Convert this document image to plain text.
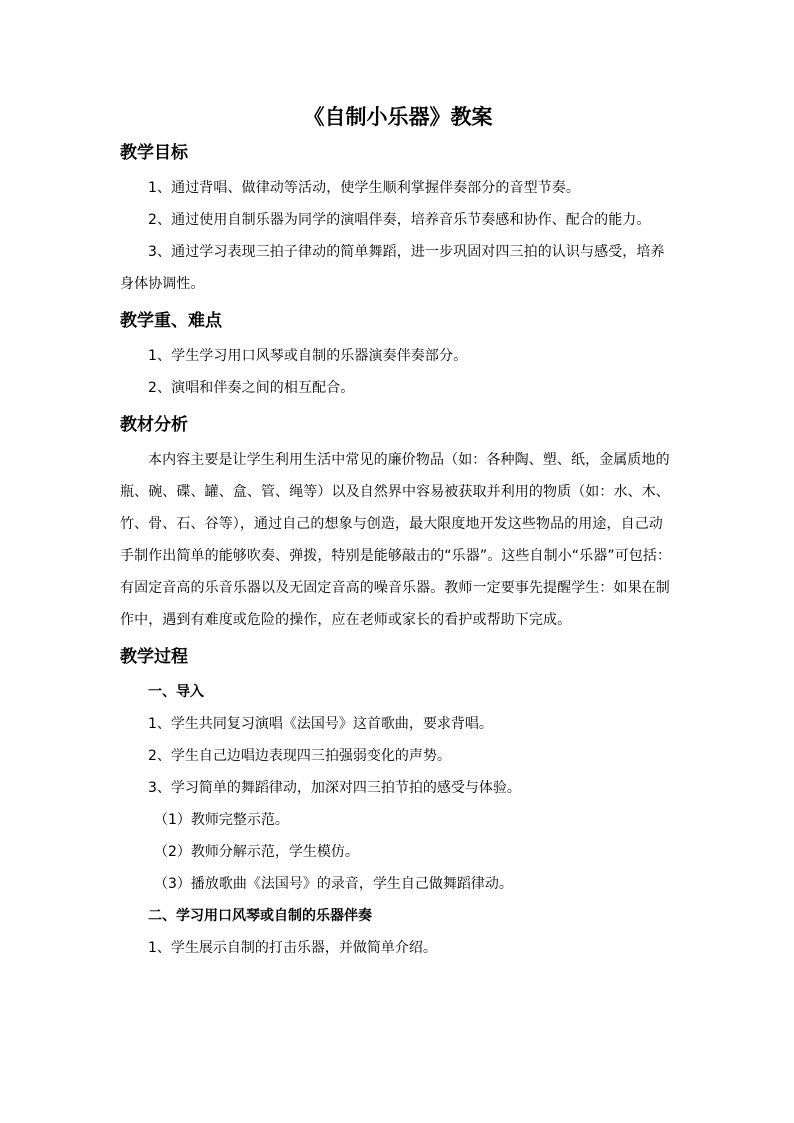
《自制小乐器》教案
教学目标

1、通过背唱、做律动等活动，使学生顺利掌握伴奏部分的音型节奏。

2、通过使用自制乐器为同学的演唱伴奏，培养音乐节奏感和协作、配合的能力。

3、通过学习表现三拍子律动的简单舞蹈，进一步巩固对四三拍的认识与感受，培养身体协调性。

教学重、难点

1、学生学习用口风琴或自制的乐器演奏伴奏部分。

2、演唱和伴奏之间的相互配合。

教材分析

本内容主要是让学生利用生活中常见的廉价物品（如：各种陶、塑、纸，金属质地的瓶、碗、碟、罐、盒、管、绳等）以及自然界中容易被获取并利用的物质（如：水、木、竹、骨、石、谷等），通过自己的想象与创造，最大限度地开发这些物品的用途，自己动手制作出简单的能够吹奏、弹拨，特别是能够敲击的“乐器”。这些自制小“乐器”可包括：有固定音高的乐音乐器以及无固定音高的噪音乐器。教师一定要事先提醒学生：如果在制作中，遇到有难度或危险的操作，应在老师或家长的看护或帮助下完成。

教学过程
一、导入

1、学生共同复习演唱《法国号》这首歌曲，要求背唱。

2、学生自己边唱边表现四三拍强弱变化的声势。

3、学习简单的舞蹈律动，加深对四三拍节拍的感受与体验。

（1）教师完整示范。

（2）教师分解示范，学生模仿。

（3）播放歌曲《法国号》的录音，学生自己做舞蹈律动。

二、学习用口风琴或自制的乐器伴奏

1、学生展示自制的打击乐器，并做简单介绍。
